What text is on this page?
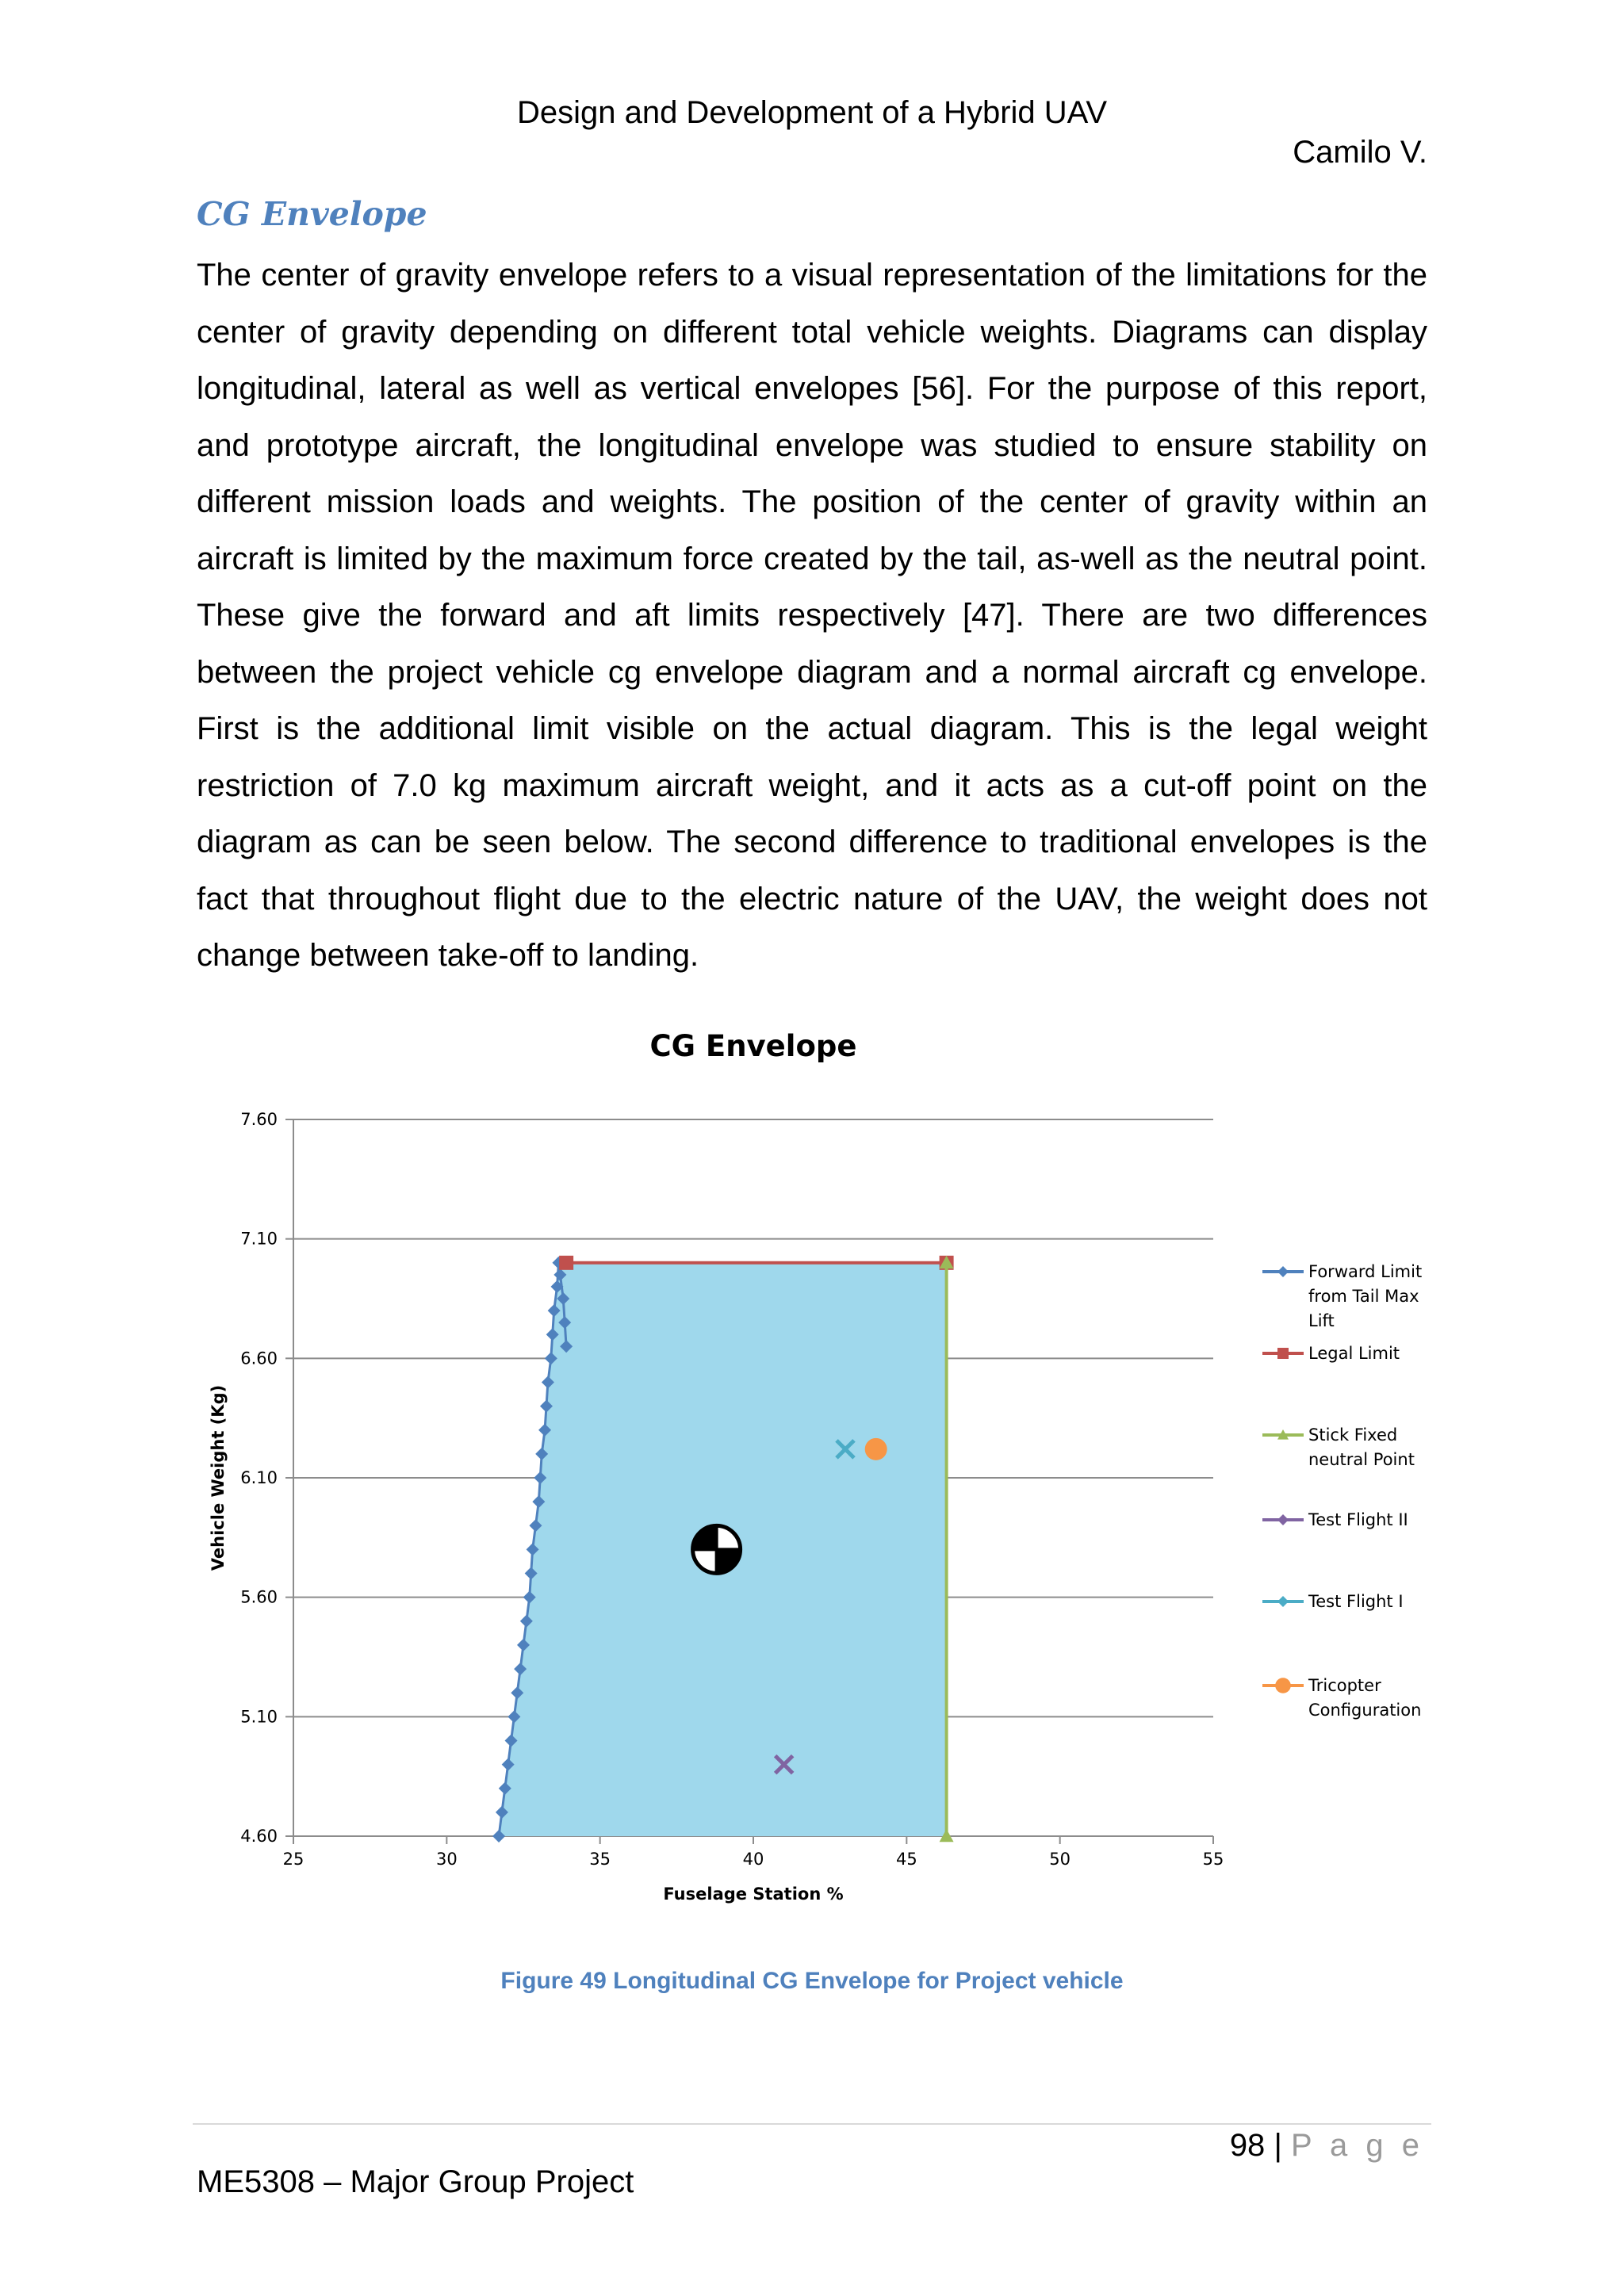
Design and Development of a Hybrid UAV
Camilo V.
CG Envelope

The center of gravity envelope refers to a visual representation of the limitations for the center of gravity depending on different total vehicle weights. Diagrams can display longitudinal, lateral as well as vertical envelopes [56]. For the purpose of this report, and prototype aircraft, the longitudinal envelope was studied to ensure stability on different mission loads and weights. The position of the center of gravity within an aircraft is limited by the maximum force created by the tail, as-well as the neutral point. These give the forward and aft limits respectively [47]. There are two differences between the project vehicle cg envelope diagram and a normal aircraft cg envelope. First is the additional limit visible on the actual diagram. This is the legal weight restriction of 7.0 kg maximum aircraft weight, and it acts as a cut-off point on the diagram as can be seen below. The second difference to traditional envelopes is the fact that throughout flight due to the electric nature of the UAV, the weight does not change between take-off to landing.

CG Envelope
4.60
5.10
5.60
6.10
6.60
7.10
7.60
25	30	35	40	45	50	55
Fuselage Station %
Vehicle Weight (Kg)
Forward Limit
from Tail Max
Lift
Legal Limit
Stick Fixed
neutral Point
Test Flight II
Test Flight I
Tricopter
Configuration
Figure 49 Longitudinal CG Envelope for Project vehicle
98 | P a g e
ME5308 – Major Group Project
